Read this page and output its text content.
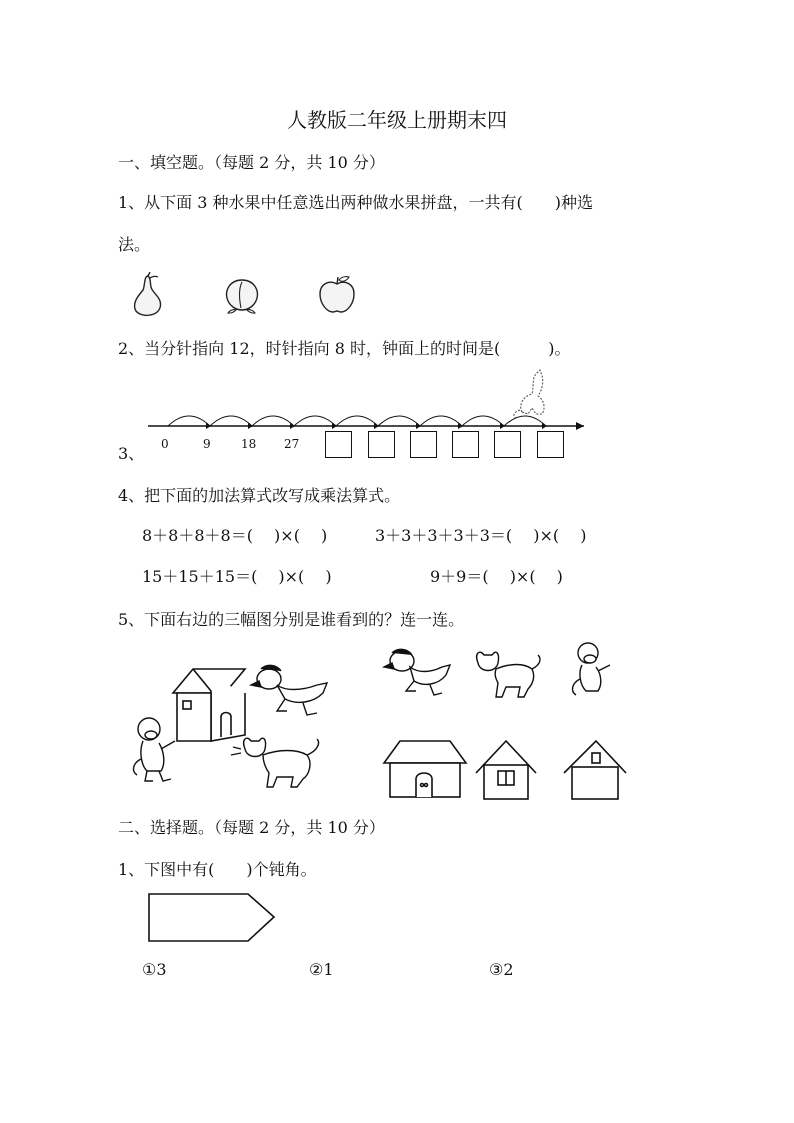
人教版二年级上册期末四
一、填空题。（每题 2 分，共 10 分）
1、从下面 3 种水果中任意选出两种做水果拼盘，一共有(　　)种选
法。
2、当分针指向 12，时针指向 8 时，钟面上的时间是(　　　)。
3、 0	9	18 27
4、把下面的加法算式改写成乘法算式。
8＋8＋8＋8＝(　 )×(　 )	3＋3＋3＋3＋3＝(　 )×(　 )
15＋15＋15＝(　 )×(　 )	9＋9＝(　 )×(　 )
5、下面右边的三幅图分别是谁看到的？连一连。
二、选择题。（每题 2 分，共 10 分）
1、下图中有(　　)个钝角。
①3	②1	③2
